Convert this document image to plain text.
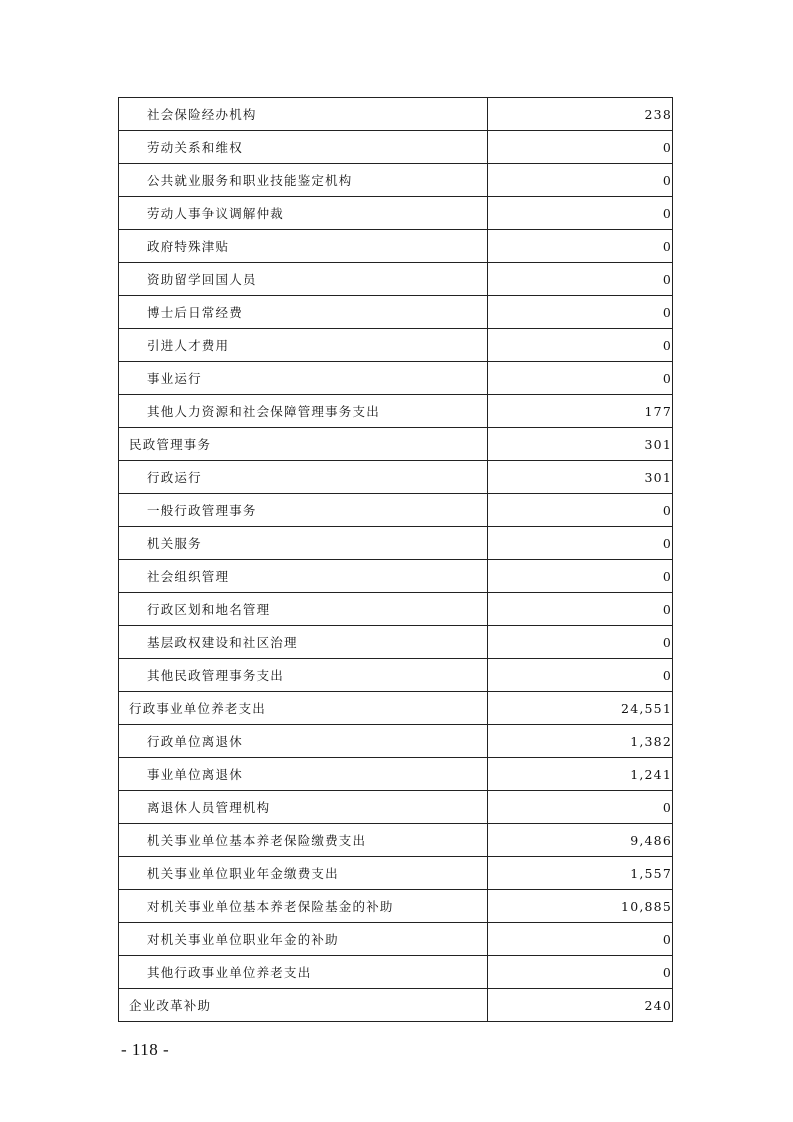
社会保险经办机构	238
劳动关系和维权	0
公共就业服务和职业技能鉴定机构	0
劳动人事争议调解仲裁	0
政府特殊津贴	0
资助留学回国人员	0
博士后日常经费	0
引进人才费用	0
事业运行	0
其他人力资源和社会保障管理事务支出	177
民政管理事务	301
行政运行	301
一般行政管理事务	0
机关服务	0
社会组织管理	0
行政区划和地名管理	0
基层政权建设和社区治理	0
其他民政管理事务支出	0
行政事业单位养老支出	24,551
行政单位离退休	1,382
事业单位离退休	1,241
离退休人员管理机构	0
机关事业单位基本养老保险缴费支出	9,486
机关事业单位职业年金缴费支出	1,557
对机关事业单位基本养老保险基金的补助	10,885
对机关事业单位职业年金的补助	0
其他行政事业单位养老支出	0
企业改革补助	240
- 118 -
